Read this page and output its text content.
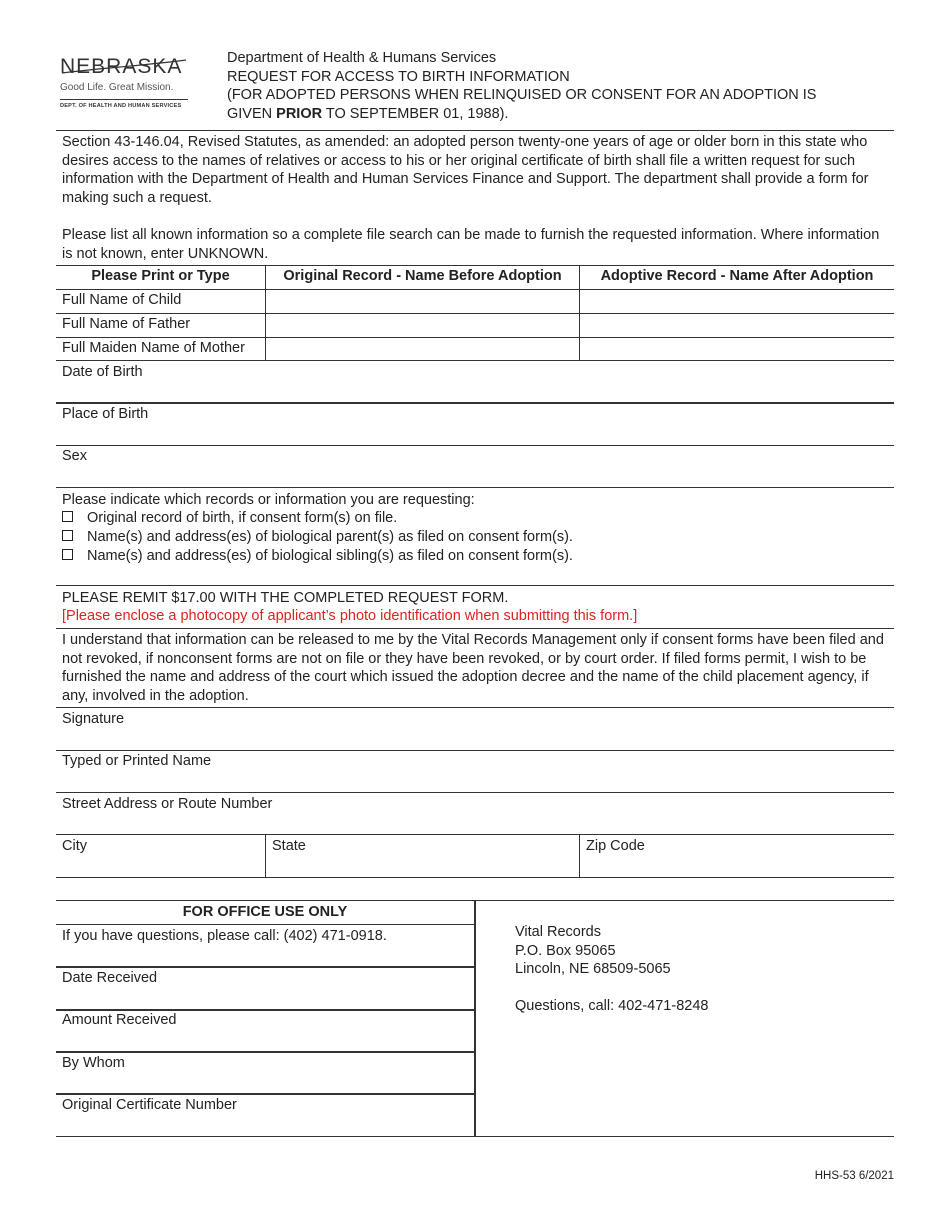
NEBRASKA
Good Life. Great Mission.
DEPT. OF HEALTH AND HUMAN SERVICES
Department of Health & Humans Services
REQUEST FOR ACCESS TO BIRTH INFORMATION
(FOR ADOPTED PERSONS WHEN RELINQUISED OR CONSENT FOR AN ADOPTION IS
GIVEN PRIOR TO SEPTEMBER 01, 1988).
Section 43-146.04, Revised Statutes, as amended: an adopted person twenty-one years of age or older born in this state who desires access to the names of relatives or access to his or her original certificate of birth shall file a written request for such information with the Department of Health and Human Services Finance and Support. The department shall provide a form for making such a request.
Please list all known information so a complete file search can be made to furnish the requested information. Where information is not known, enter UNKNOWN.
Please Print or Type	Original Record - Name Before Adoption	Adoptive Record - Name After Adoption
Full Name of Child
Full Name of Father
Full Maiden Name of Mother
Date of Birth
Place of Birth
Sex
Please indicate which records or information you are requesting:
Original record of birth, if consent form(s) on file.
Name(s) and address(es) of biological parent(s) as filed on consent form(s).
Name(s) and address(es) of biological sibling(s) as filed on consent form(s).
PLEASE REMIT $17.00 WITH THE COMPLETED REQUEST FORM.
[Please enclose a photocopy of applicant’s photo identification when submitting this form.]
I understand that information can be released to me by the Vital Records Management only if consent forms have been filed and not revoked, if nonconsent forms are not on file or they have been revoked, or by court order. If filed forms permit, I wish to be furnished the name and address of the court which issued the adoption decree and the name of the child placement agency, if any, involved in the adoption.
Signature
Typed or Printed Name
Street Address or Route Number
City	State	Zip Code
FOR OFFICE USE ONLY
If you have questions, please call: (402) 471-0918.
Date Received
Amount Received
By Whom
Original Certificate Number
Vital Records
P.O. Box 95065
Lincoln, NE 68509-5065
Questions, call: 402-471-8248
HHS-53 6/2021
